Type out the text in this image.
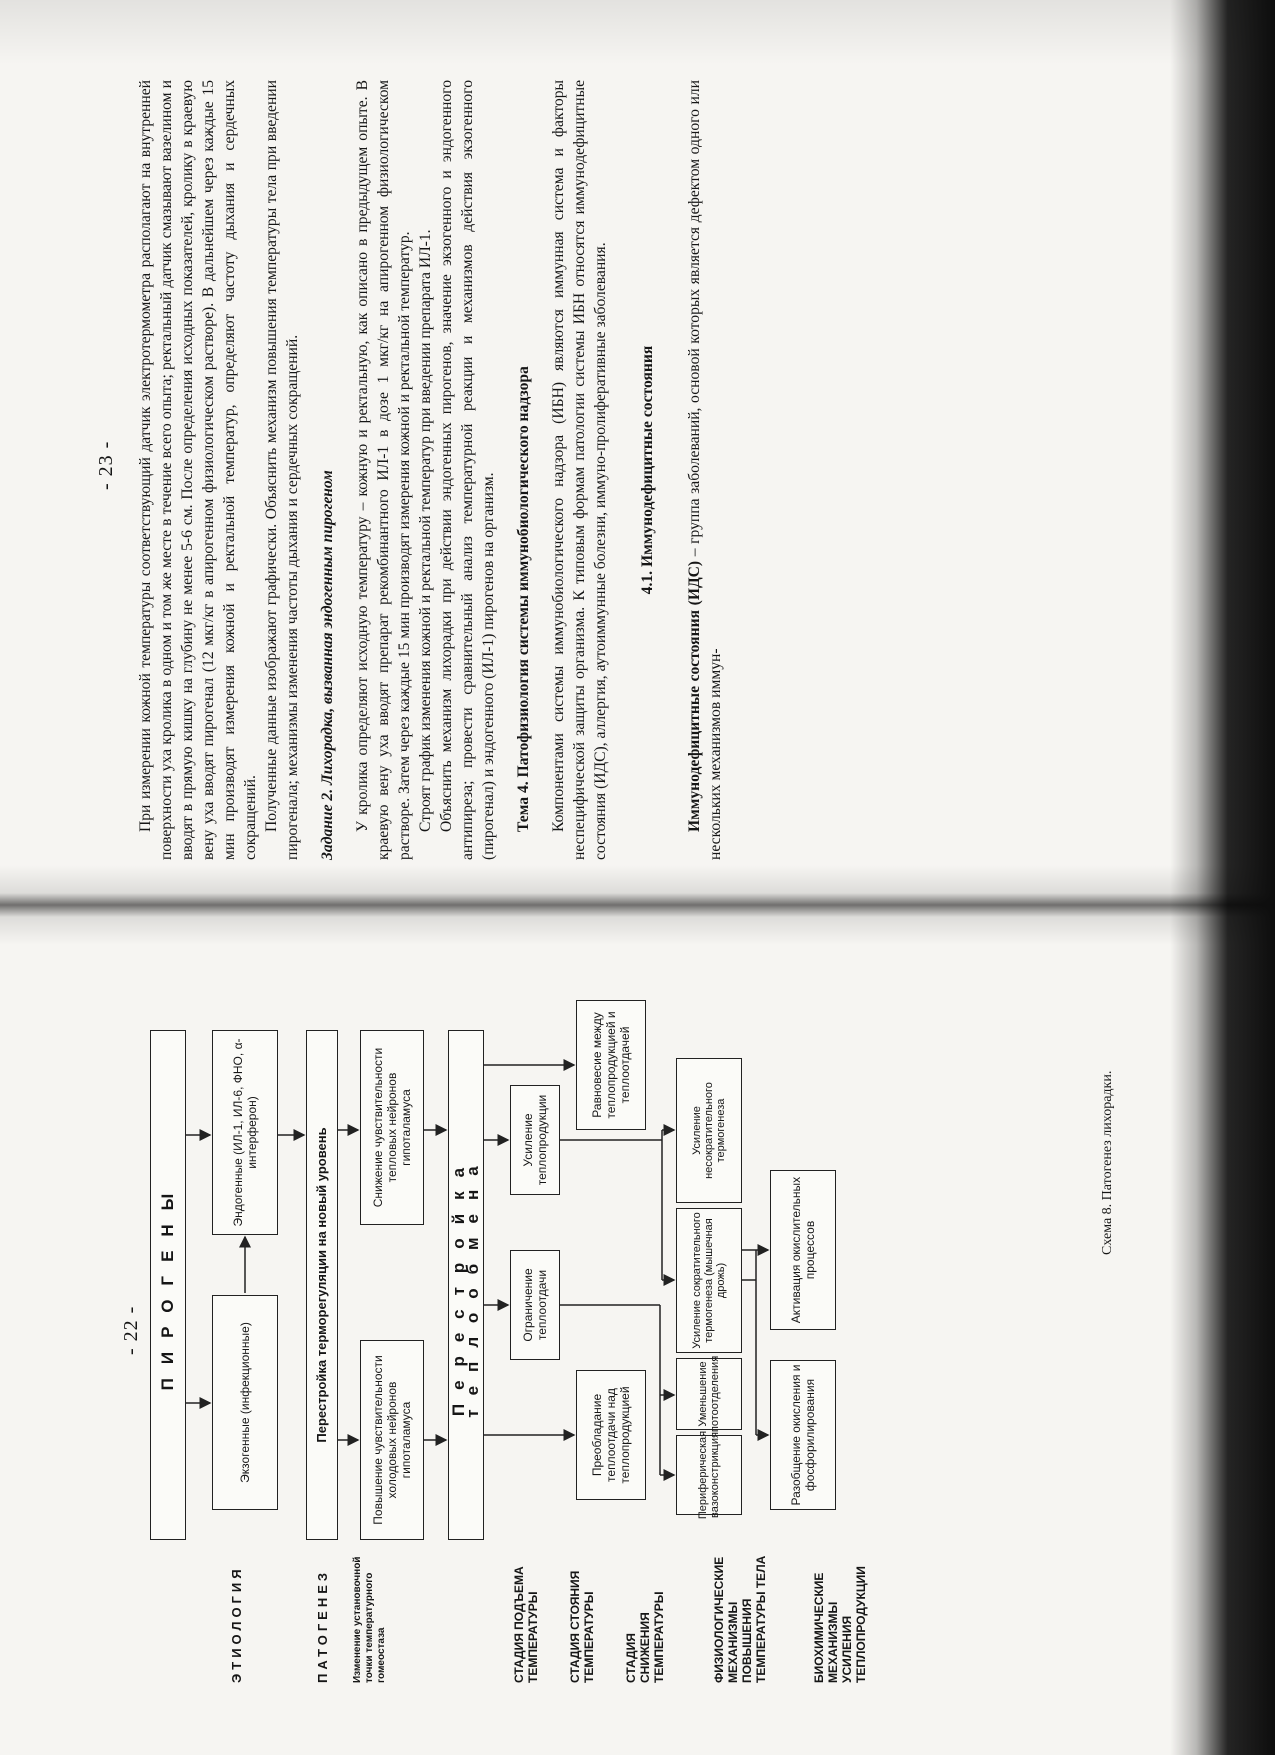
- 22 -
ЭТИОЛОГИЯ	ПАТОГЕНЕЗ Изменение установочной точки температурного гомеостаза	СТАДИЯ ПОДЪЕМА ТЕМПЕРАТУРЫ СТАДИЯ СТОЯНИЯ ТЕМПЕРАТУРЫ СТАДИЯ СНИЖЕНИЯ ТЕМПЕРАТУРЫ	ФИЗИОЛОГИЧЕСКИЕ МЕХАНИЗМЫ ПОВЫШЕНИЯ ТЕМПЕРАТУРЫ ТЕЛА	БИОХИМИЧЕСКИЕ МЕХАНИЗМЫ УСИЛЕНИЯ ТЕПЛОПРОДУКЦИИ
ПИРОГЕНЫ
Экзогенные (инфекционные)
Эндогенные (ИЛ-1, ИЛ-6, ФНО, α-интерферон)	Перестройка терморегуляции на новый уровень	Повышение чувствительности холодовых нейронов гипоталамуса
Снижение чувствительности тепловых нейронов гипоталамуса
Перестройка теплообмена	Ограничение теплоотдачи
Усиление теплопродукции
Преобладание теплоотдачи над теплопродукцией
Равновесие между теплопродукцией и теплоотдачей
Периферическая вазоконстрикция
Уменьшение потоотделения
Усиление сократительного термогенеза (мышечная дрожь)
Усиление несократительного термогенеза
Разобщение окисления и фосфорилирования
Активация окислительных процессов	Схема 8. Патогенез лихорадки.
- 23 - При измерении кожной температуры соответствующий датчик электротермометра располагают на внутренней поверхности уха кролика в одном и том же месте в течение всего опыта; ректальный датчик смазывают вазелином и вводят в прямую кишку на глубину не менее 5-6 см. После определения исходных показателей, кролику в краевую вену уха вводят пирогенал (12 мкг/кг в апирогенном физиологическом растворе). В дальнейшем через каждые 15 мин производят измерения кожной и ректальной температур, определяют частоту дыхания и сердечных сокращений. Полученные данные изображают графически. Объяснить механизм повышения температуры тела при введении пирогенала; механизмы изменения частоты дыхания и сердечных сокращений. Задание 2. Лихорадка, вызванная эндогенным пирогеном У кролика определяют исходную температуру – кожную и ректальную, как описано в предыдущем опыте. В краевую вену уха вводят препарат рекомбинантного ИЛ-1 в дозе 1 мкг/кг на апирогенном физиологическом растворе. Затем через каждые 15 мин производят измерения кожной и ректальной температур. Строят график изменения кожной и ректальной температур при введении препарата ИЛ-1. Объяснить механизм лихорадки при действии эндогенных пирогенов, значение экзогенного и эндогенного антипиреза; провести сравнительный анализ температурной реакции и механизмов действия экзогенного (пирогенал) и эндогенного (ИЛ-1) пирогенов на организм. Тема 4. Патофизиология системы иммунобиологического надзора Компонентами системы иммунобиологического надзора (ИБН) являются иммунная система и факторы неспецифической защиты организма. К типовым формам патологии системы ИБН относятся иммунодефицитные состояния (ИДС), аллергия, аутоиммунные болезни, иммуно-пролиферативные заболевания. 4.1. Иммунодефицитные состояния

Иммунодефицитные состояния (ИДС) – группа заболеваний, основой которых является дефектом одного или нескольких механизмов иммун-
